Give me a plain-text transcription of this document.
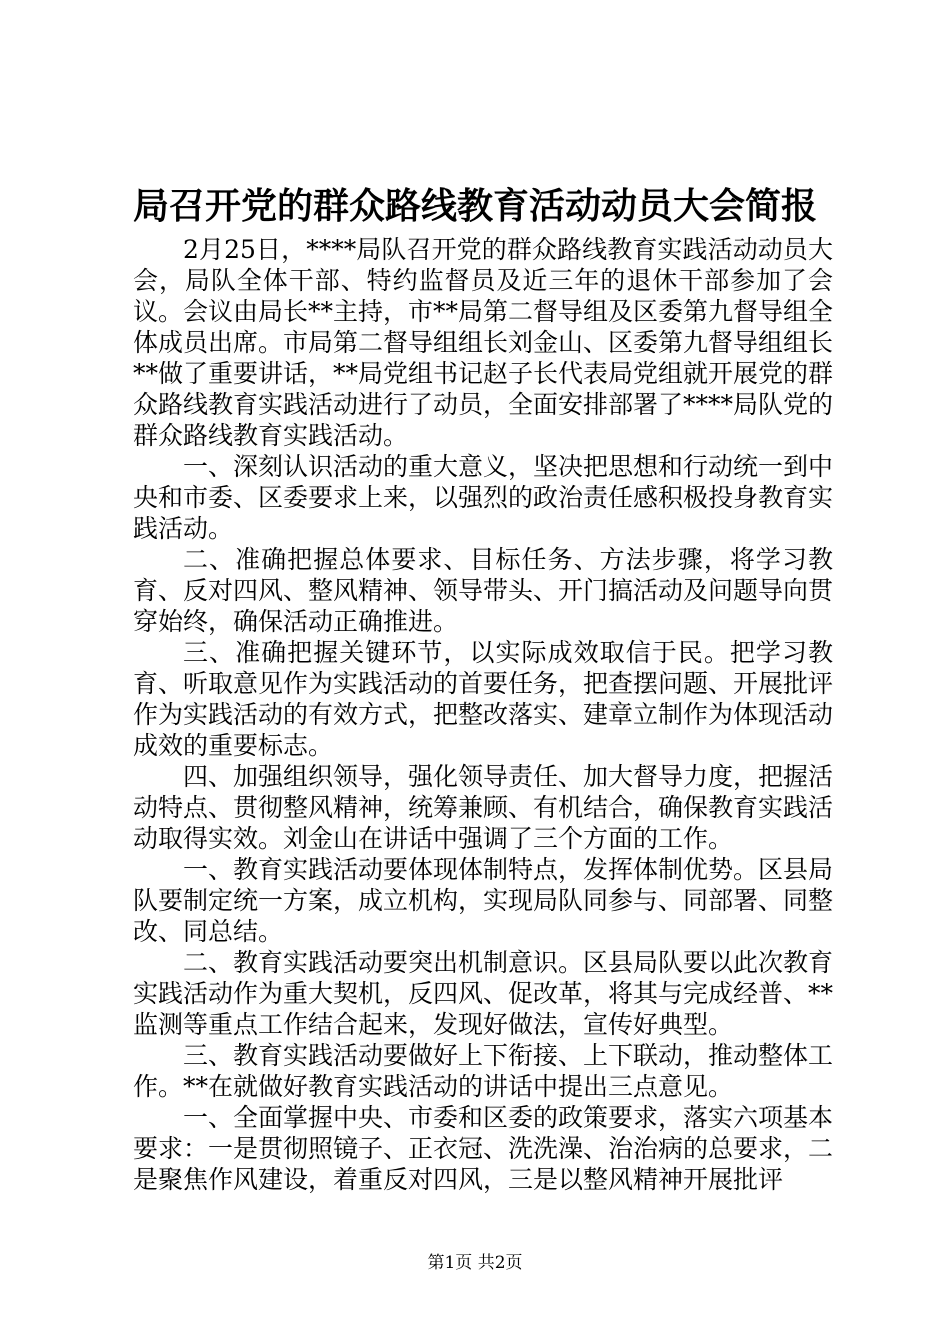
局召开党的群众路线教育活动动员大会简报

2月25日，****局队召开党的群众路线教育实践活动动员大会，局队全体干部、特约监督员及近三年的退休干部参加了会议。会议由局长**主持，市**局第二督导组及区委第九督导组全体成员出席。市局第二督导组组长刘金山、区委第九督导组组长**做了重要讲话，**局党组书记赵子长代表局党组就开展党的群众路线教育实践活动进行了动员，全面安排部署了****局队党的群众路线教育实践活动。

一、深刻认识活动的重大意义，坚决把思想和行动统一到中央和市委、区委要求上来，以强烈的政治责任感积极投身教育实践活动。

二、准确把握总体要求、目标任务、方法步骤，将学习教育、反对四风、整风精神、领导带头、开门搞活动及问题导向贯穿始终，确保活动正确推进。

三、准确把握关键环节，以实际成效取信于民。把学习教育、听取意见作为实践活动的首要任务，把查摆问题、开展批评作为实践活动的有效方式，把整改落实、建章立制作为体现活动成效的重要标志。

四、加强组织领导，强化领导责任、加大督导力度，把握活动特点、贯彻整风精神，统筹兼顾、有机结合，确保教育实践活动取得实效。刘金山在讲话中强调了三个方面的工作。

一、教育实践活动要体现体制特点，发挥体制优势。区县局队要制定统一方案，成立机构，实现局队同参与、同部署、同整改、同总结。

二、教育实践活动要突出机制意识。区县局队要以此次教育实践活动作为重大契机，反四风、促改革，将其与完成经普、**监测等重点工作结合起来，发现好做法，宣传好典型。

三、教育实践活动要做好上下衔接、上下联动，推动整体工作。**在就做好教育实践活动的讲话中提出三点意见。

一、全面掌握中央、市委和区委的政策要求，落实六项基本要求：一是贯彻照镜子、正衣冠、洗洗澡、治治病的总要求，二是聚焦作风建设，着重反对四风，三是以整风精神开展批评

第1页 共2页
